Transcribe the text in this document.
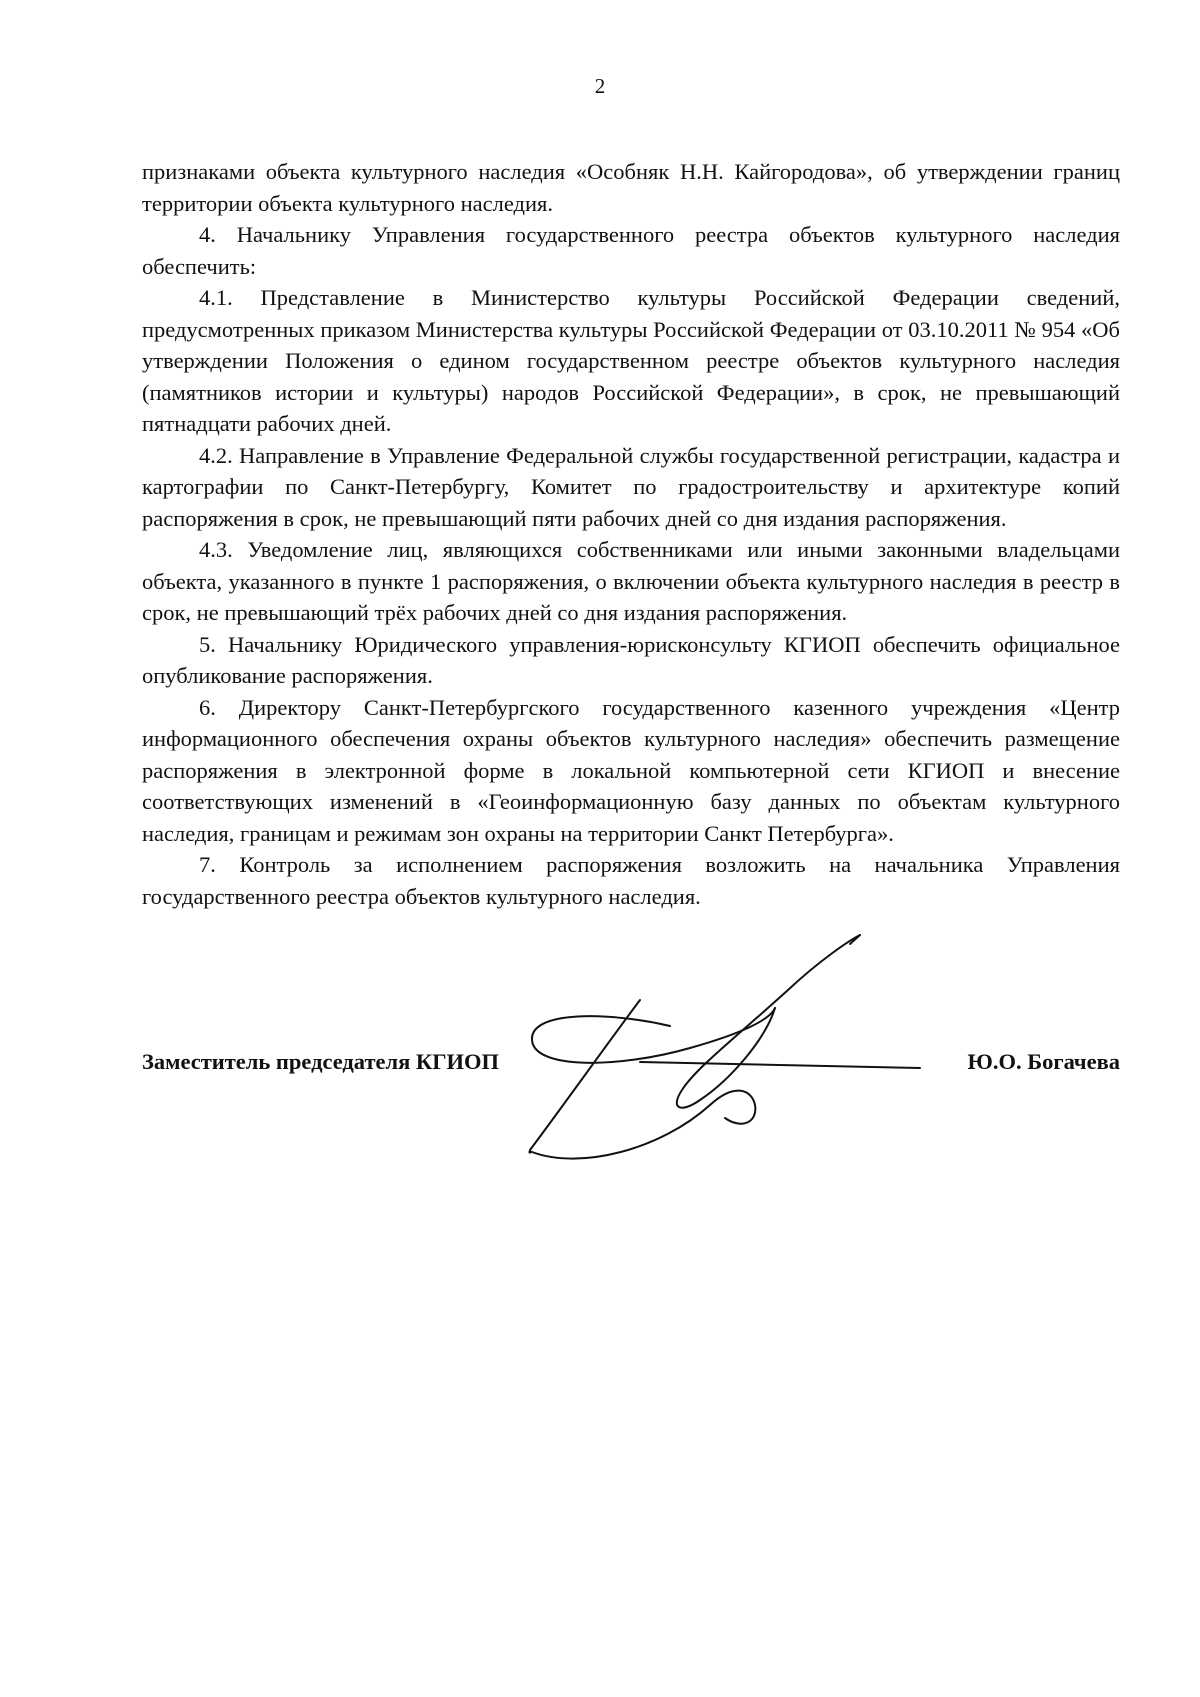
2

признаками объекта культурного наследия «Особняк Н.Н. Кайгородова», об утверждении границ территории объекта культурного наследия.

4. Начальнику Управления государственного реестра объектов культурного наследия обеспечить:

4.1. Представление в Министерство культуры Российской Федерации сведений, предусмотренных приказом Министерства культуры Российской Федерации от 03.10.2011 № 954 «Об утверждении Положения о едином государственном реестре объектов культурного наследия (памятников истории и культуры) народов Российской Федерации», в срок, не превышающий пятнадцати рабочих дней.

4.2. Направление в Управление Федеральной службы государственной регистрации, кадастра и картографии по Санкт-Петербургу, Комитет по градостроительству и архитектуре копий распоряжения в срок, не превышающий пяти рабочих дней со дня издания распоряжения.

4.3. Уведомление лиц, являющихся собственниками или иными законными владельцами объекта, указанного в пункте 1 распоряжения, о включении объекта культурного наследия в реестр в срок, не превышающий трёх рабочих дней со дня издания распоряжения.

5. Начальнику Юридического управления-юрисконсульту КГИОП обеспечить официальное опубликование распоряжения.

6. Директору Санкт-Петербургского государственного казенного учреждения «Центр информационного обеспечения охраны объектов культурного наследия» обеспечить размещение распоряжения в электронной форме в локальной компьютерной сети КГИОП и внесение соответствующих изменений в «Геоинформационную базу данных по объектам культурного наследия, границам и режимам зон охраны на территории Санкт Петербурга».

7. Контроль за исполнением распоряжения возложить на начальника Управления государственного реестра объектов культурного наследия.

Заместитель председателя КГИОП	Ю.О. Богачева
